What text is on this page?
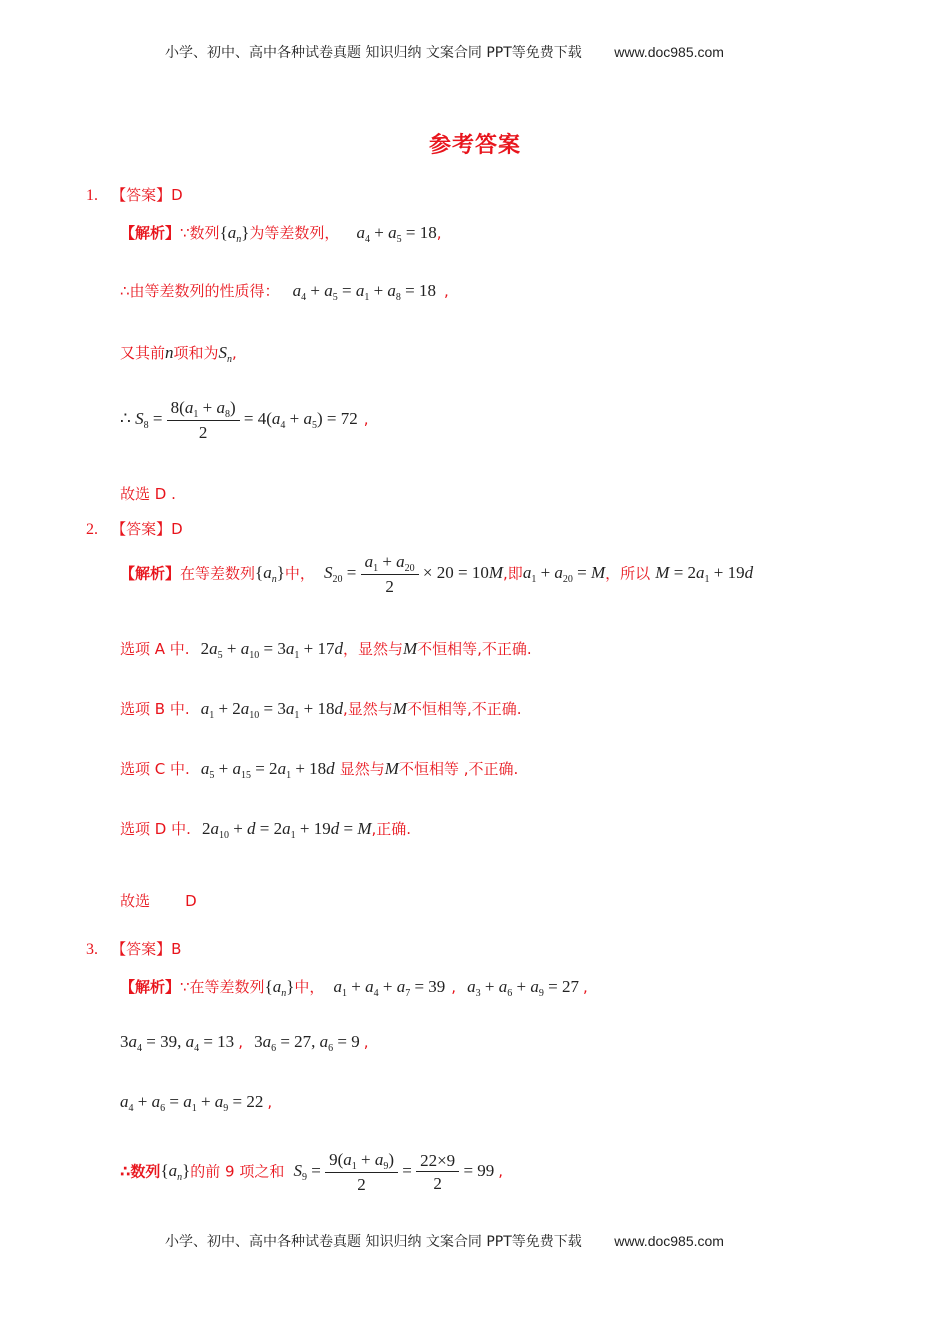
小学、初中、高中各种试卷真题 知识归纳 文案合同 PPT等免费下载 www.doc985.com
参考答案
1. 【答案】D
【解析】∵数列$\{a_n\}$为等差数列， $a_4 + a_5 = 18$,
∴由等差数列的性质得： $a_4 + a_5 = a_1 + a_8 = 18$ ,
又其前n项和为$S_n$,
∴ $S_8 = \frac{8(a_1 + a_8)}{2} = 4(a_4 + a_5) = 72$ ,
故选 D .
2. 【答案】D
【解析】在等差数列$\{a_n\}$中， $S_{20} = \frac{a_1 + a_{20}}{2} \times 20 = 10M$,即$a_1 + a_{20} = M$，所以 $M = 2a_1 + 19d$
选项 A 中. $2a_5 + a_{10} = 3a_1 + 17d$，显然与M不恒相等,不正确.
选项 B 中. $a_1 + 2a_{10} = 3a_1 + 18d$,显然与M不恒相等,不正确.
选项 C 中. $a_5 + a_{15} = 2a_1 + 18d$ 显然与M不恒相等 ,不正确.
选项 D 中. $2a_{10} + d = 2a_1 + 19d = M$,正确.
故选 D
3. 【答案】B
【解析】∵在等差数列$\{a_n\}$中， $a_1 + a_4 + a_7 = 39$ , $a_3 + a_6 + a_9 = 27$ ,
$3a_4 = 39$, $a_4 = 13$ , $3a_6 = 27$, $a_6 = 9$ ,
$a_4 + a_6 = a_1 + a_9 = 22$ ,
∴数列$\{a_n\}$的前 9 项之和 $S_9 = \frac{9(a_1 + a_9)}{2} = \frac{22\times 9}{2} = 99$ ,
小学、初中、高中各种试卷真题 知识归纳 文案合同 PPT等免费下载 www.doc985.com
